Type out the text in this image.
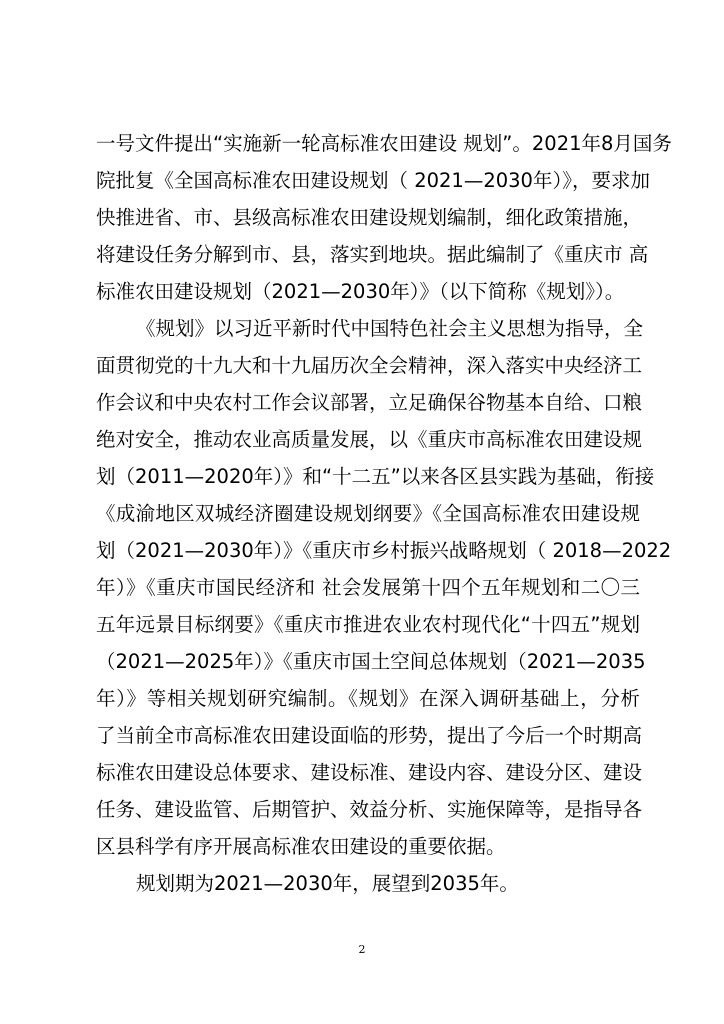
一号文件提出“实施新一轮高标准农田建设 规划”。2021年8月国务
院批复《全国高标准农田建设规划（ 2021—2030年）》，要求加
快推进省、市、县级高标准农田建设规划编制，细化政策措施，
将建设任务分解到市、县，落实到地块。据此编制了《重庆市 高
标准农田建设规划（2021—2030年）》（以下简称《规划》）。
《规划》以习近平新时代中国特色社会主义思想为指导，全
面贯彻党的十九大和十九届历次全会精神，深入落实中央经济工
作会议和中央农村工作会议部署，立足确保谷物基本自给、口粮
绝对安全，推动农业高质量发展，以《重庆市高标准农田建设规
划（2011—2020年）》和“十二五”以来各区县实践为基础，衔接
《成渝地区双城经济圈建设规划纲要》《全国高标准农田建设规
划（2021—2030年）》《重庆市乡村振兴战略规划（ 2018—2022
年）》《重庆市国民经济和 社会发展第十四个五年规划和二〇三
五年远景目标纲要》《重庆市推进农业农村现代化“十四五”规划
（2021—2025年）》《重庆市国土空间总体规划（2021—2035
年）》等相关规划研究编制。《规划》在深入调研基础上，分析
了当前全市高标准农田建设面临的形势，提出了今后一个时期高
标准农田建设总体要求、建设标准、建设内容、建设分区、建设
任务、建设监管、后期管护、效益分析、实施保障等，是指导各
区县科学有序开展高标准农田建设的重要依据。
规划期为2021—2030年，展望到2035年。
2
